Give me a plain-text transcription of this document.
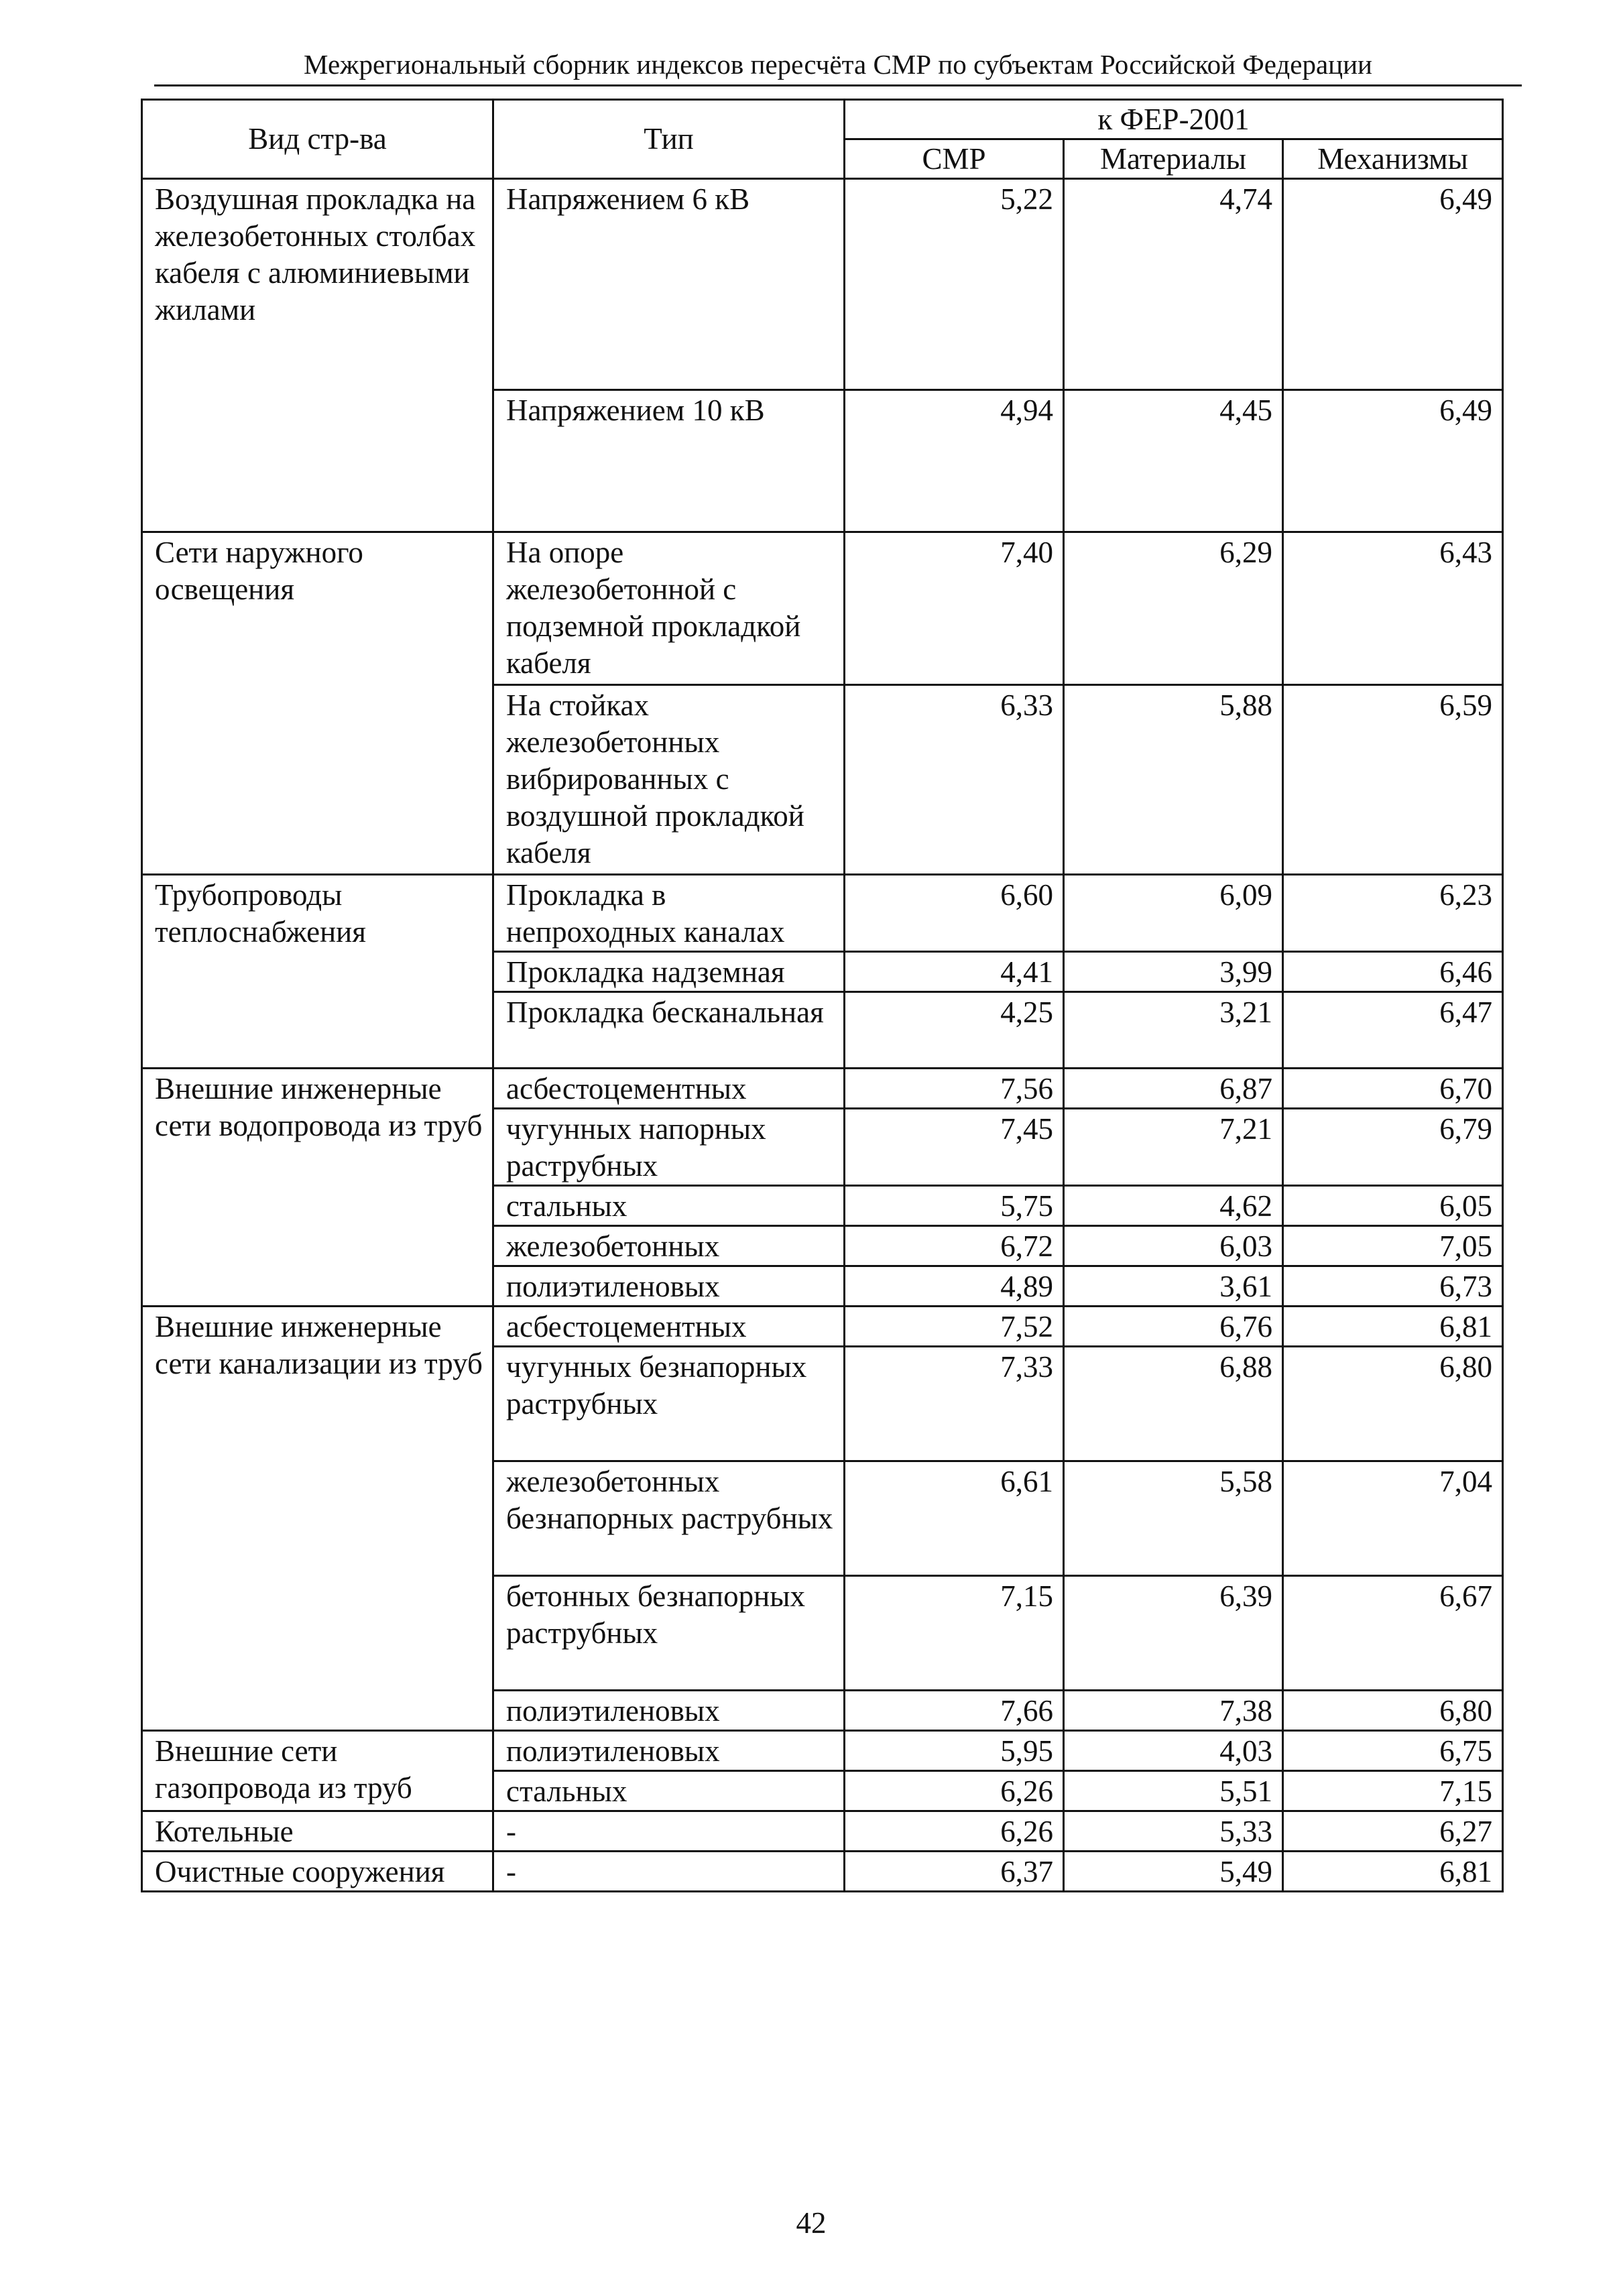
Межрегиональный сборник индексов пересчёта СМР по субъектам Российской Федерации
Вид стр-ва	Тип	к ФЕР-2001		
		СМР	Материалы	Механизмы
Воздушная прокладка на железобетонных столбах кабеля с алюминиевыми жилами	Напряжением 6 кВ	5,22	4,74	6,49
	Напряжением 10 кВ	4,94	4,45	6,49
Сети наружного освещения	На опоре железобетонной с подземной прокладкой кабеля	7,40	6,29	6,43
	На стойках железобетонных вибрированных с воздушной прокладкой кабеля	6,33	5,88	6,59
Трубопроводы теплоснабжения	Прокладка в непроходных каналах	6,60	6,09	6,23
	Прокладка надземная	4,41	3,99	6,46
	Прокладка бесканальная	4,25	3,21	6,47
Внешние инженерные сети водопровода из труб	асбестоцементных	7,56	6,87	6,70
	чугунных напорных раструбных	7,45	7,21	6,79
	стальных	5,75	4,62	6,05
	железобетонных	6,72	6,03	7,05
	полиэтиленовых	4,89	3,61	6,73
Внешние инженерные сети канализации из труб	асбестоцементных	7,52	6,76	6,81
	чугунных безнапорных раструбных	7,33	6,88	6,80
	железобетонных безнапорных раструбных	6,61	5,58	7,04
	бетонных безнапорных раструбных	7,15	6,39	6,67
	полиэтиленовых	7,66	7,38	6,80
Внешние сети газопровода из труб	полиэтиленовых	5,95	4,03	6,75
	стальных	6,26	5,51	7,15
Котельные	-	6,26	5,33	6,27
Очистные сооружения	-	6,37	5,49	6,81
42
